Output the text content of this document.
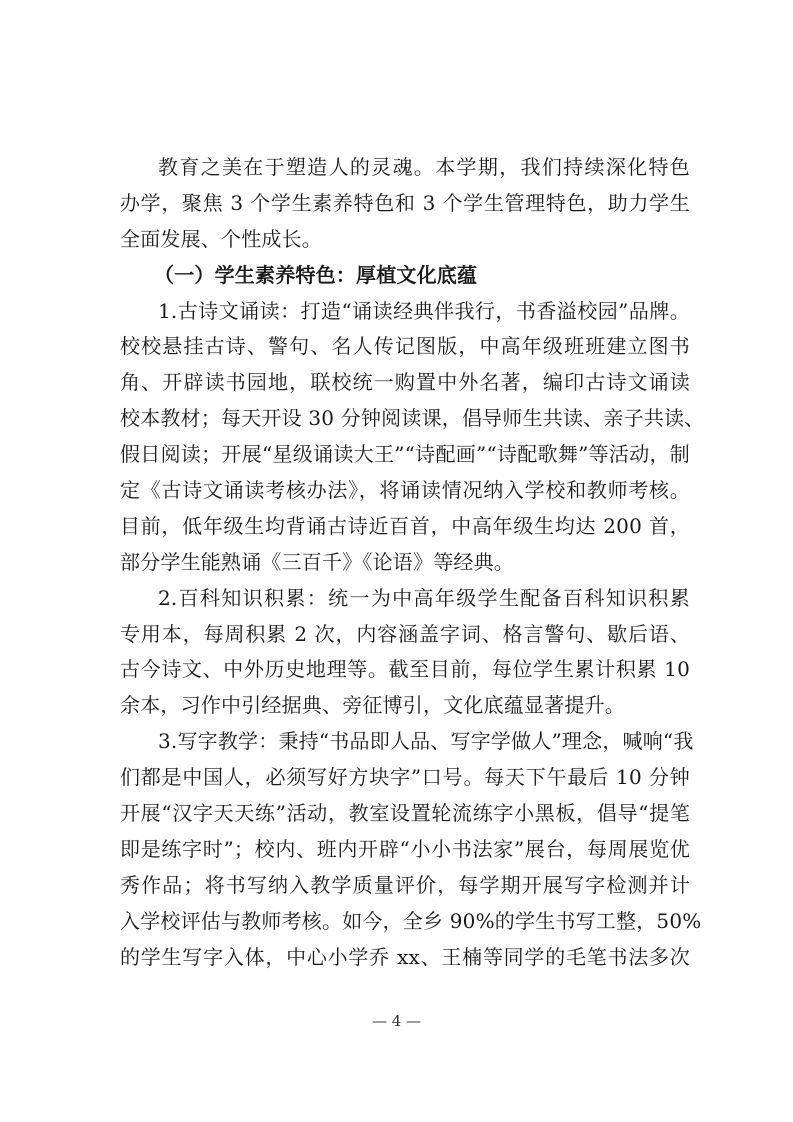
教育之美在于塑造人的灵魂。本学期，我们持续深化特色
办学，聚焦 3 个学生素养特色和 3 个学生管理特色，助力学生
全面发展、个性成长。
（一）学生素养特色：厚植文化底蕴
1.古诗文诵读：打造“诵读经典伴我行，书香溢校园”品牌。
校校悬挂古诗、警句、名人传记图版，中高年级班班建立图书
角、开辟读书园地，联校统一购置中外名著，编印古诗文诵读
校本教材；每天开设 30 分钟阅读课，倡导师生共读、亲子共读、
假日阅读；开展“星级诵读大王”“诗配画”“诗配歌舞”等活动，制
定《古诗文诵读考核办法》，将诵读情况纳入学校和教师考核。
目前，低年级生均背诵古诗近百首，中高年级生均达 200 首，
部分学生能熟诵《三百千》《论语》等经典。
2.百科知识积累：统一为中高年级学生配备百科知识积累
专用本，每周积累 2 次，内容涵盖字词、格言警句、歇后语、
古今诗文、中外历史地理等。截至目前，每位学生累计积累 10
余本，习作中引经据典、旁征博引，文化底蕴显著提升。
3.写字教学：秉持“书品即人品、写字学做人”理念，喊响“我
们都是中国人，必须写好方块字”口号。每天下午最后 10 分钟
开展“汉字天天练”活动，教室设置轮流练字小黑板，倡导“提笔
即是练字时”；校内、班内开辟“小小书法家”展台，每周展览优
秀作品；将书写纳入教学质量评价，每学期开展写字检测并计
入学校评估与教师考核。如今，全乡 90%的学生书写工整，50%
的学生写字入体，中心小学乔 xx、王楠等同学的毛笔书法多次
— 4 —
